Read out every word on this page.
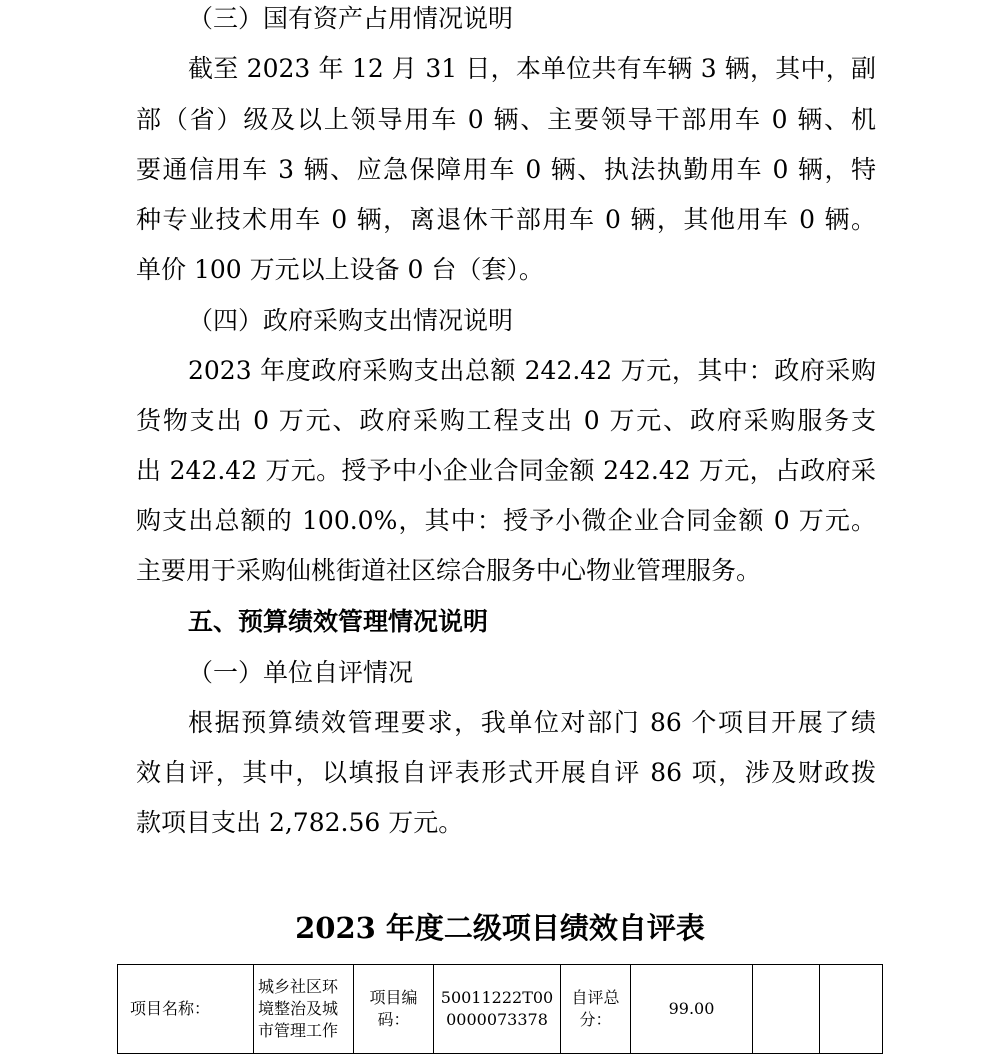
（三）国有资产占用情况说明
截至 2023 年 12 月 31 日，本单位共有车辆 3 辆，其中，副
部（省）级及以上领导用车 0 辆、主要领导干部用车 0 辆、机
要通信用车 3 辆、应急保障用车 0 辆、执法执勤用车 0 辆，特
种专业技术用车 0 辆，离退休干部用车 0 辆，其他用车 0 辆。
单价 100 万元以上设备 0 台（套）。
（四）政府采购支出情况说明
2023 年度政府采购支出总额 242.42 万元，其中：政府采购
货物支出 0 万元、政府采购工程支出 0 万元、政府采购服务支
出 242.42 万元。授予中小企业合同金额 242.42 万元，占政府采
购支出总额的 100.0%，其中：授予小微企业合同金额 0 万元。
主要用于采购仙桃街道社区综合服务中心物业管理服务。
五、预算绩效管理情况说明
（一）单位自评情况
根据预算绩效管理要求，我单位对部门 86 个项目开展了绩
效自评，其中，以填报自评表形式开展自评 86 项，涉及财政拨
款项目支出 2,782.56 万元。
2023 年度二级项目绩效自评表
项目名称：	城乡社区环境整治及城市管理工作	项目编码：	50011222T000000073378	自评总分：	99.00		
